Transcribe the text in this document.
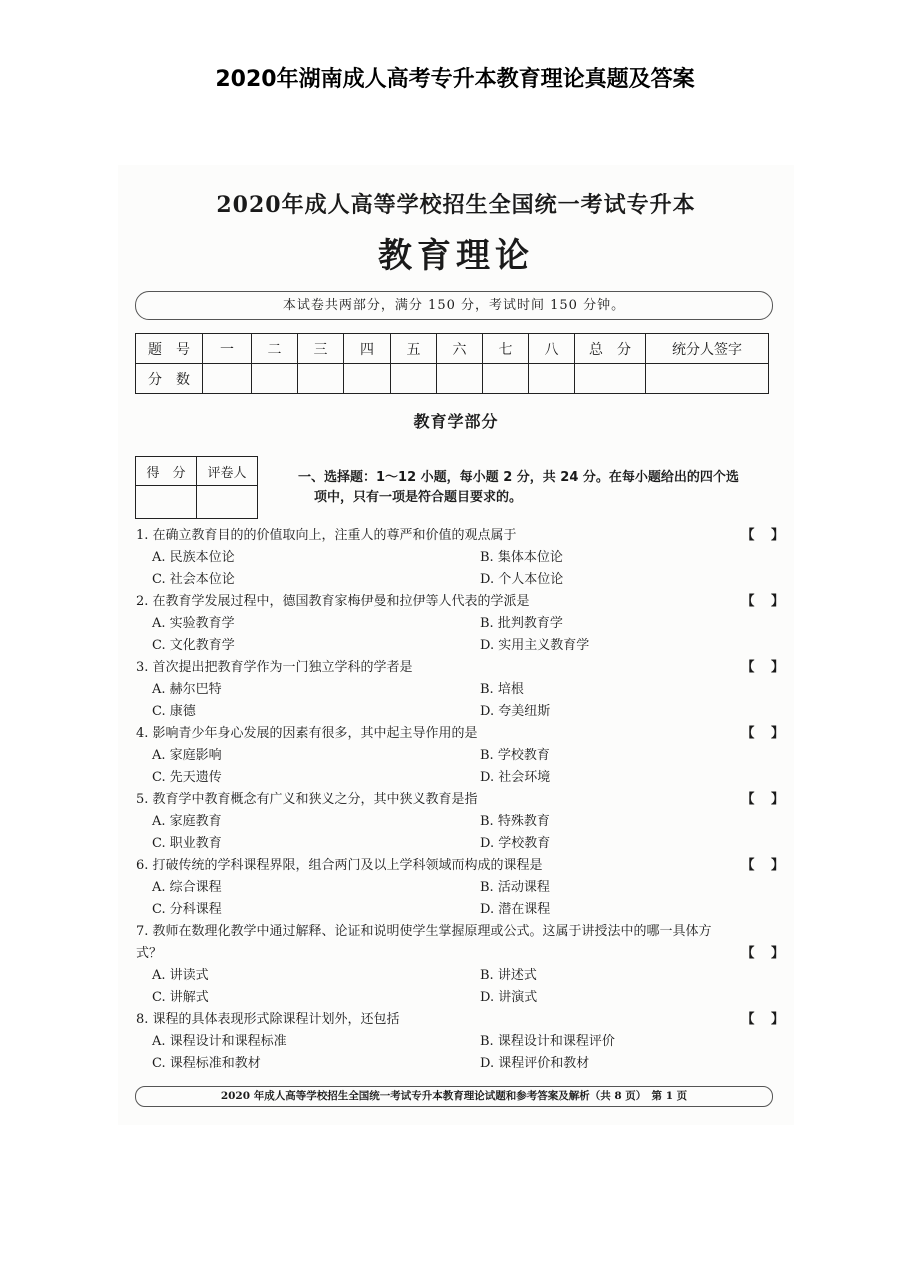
2020年湖南成人高考专升本教育理论真题及答案
2020年成人高等学校招生全国统一考试专升本
教育理论
本试卷共两部分，满分 150 分，考试时间 150 分钟。
题　号	一	二	三	四	五	六	七	八	总　分	统分人签字
分　数										
教育学部分
得　分	评卷人
		一、选择题：1～12 小题，每小题 2 分，共 24 分。在每小题给出的四个选
项中，只有一项是符合题目要求的。
1. 在确立教育目的的价值取向上，注重人的尊严和价值的观点属于	【 】
A. 民族本位论	B. 集体本位论
C. 社会本位论	D. 个人本位论
2. 在教育学发展过程中，德国教育家梅伊曼和拉伊等人代表的学派是	【 】
A. 实验教育学	B. 批判教育学
C. 文化教育学	D. 实用主义教育学
3. 首次提出把教育学作为一门独立学科的学者是	【 】
A. 赫尔巴特	B. 培根
C. 康德	D. 夸美纽斯
4. 影响青少年身心发展的因素有很多，其中起主导作用的是	【 】
A. 家庭影响	B. 学校教育
C. 先天遗传	D. 社会环境
5. 教育学中教育概念有广义和狭义之分，其中狭义教育是指	【 】
A. 家庭教育	B. 特殊教育
C. 职业教育	D. 学校教育
6. 打破传统的学科课程界限，组合两门及以上学科领域而构成的课程是	【 】
A. 综合课程	B. 活动课程
C. 分科课程	D. 潜在课程
7. 教师在数理化教学中通过解释、论证和说明使学生掌握原理或公式。这属于讲授法中的哪一具体方式？	【 】
A. 讲读式	B. 讲述式
C. 讲解式	D. 讲演式
8. 课程的具体表现形式除课程计划外，还包括	【 】
A. 课程设计和课程标准	B. 课程设计和课程评价
C. 课程标准和教材	D. 课程评价和教材
2020 年成人高等学校招生全国统一考试专升本教育理论试题和参考答案及解析（共 8 页）　第 1 页
